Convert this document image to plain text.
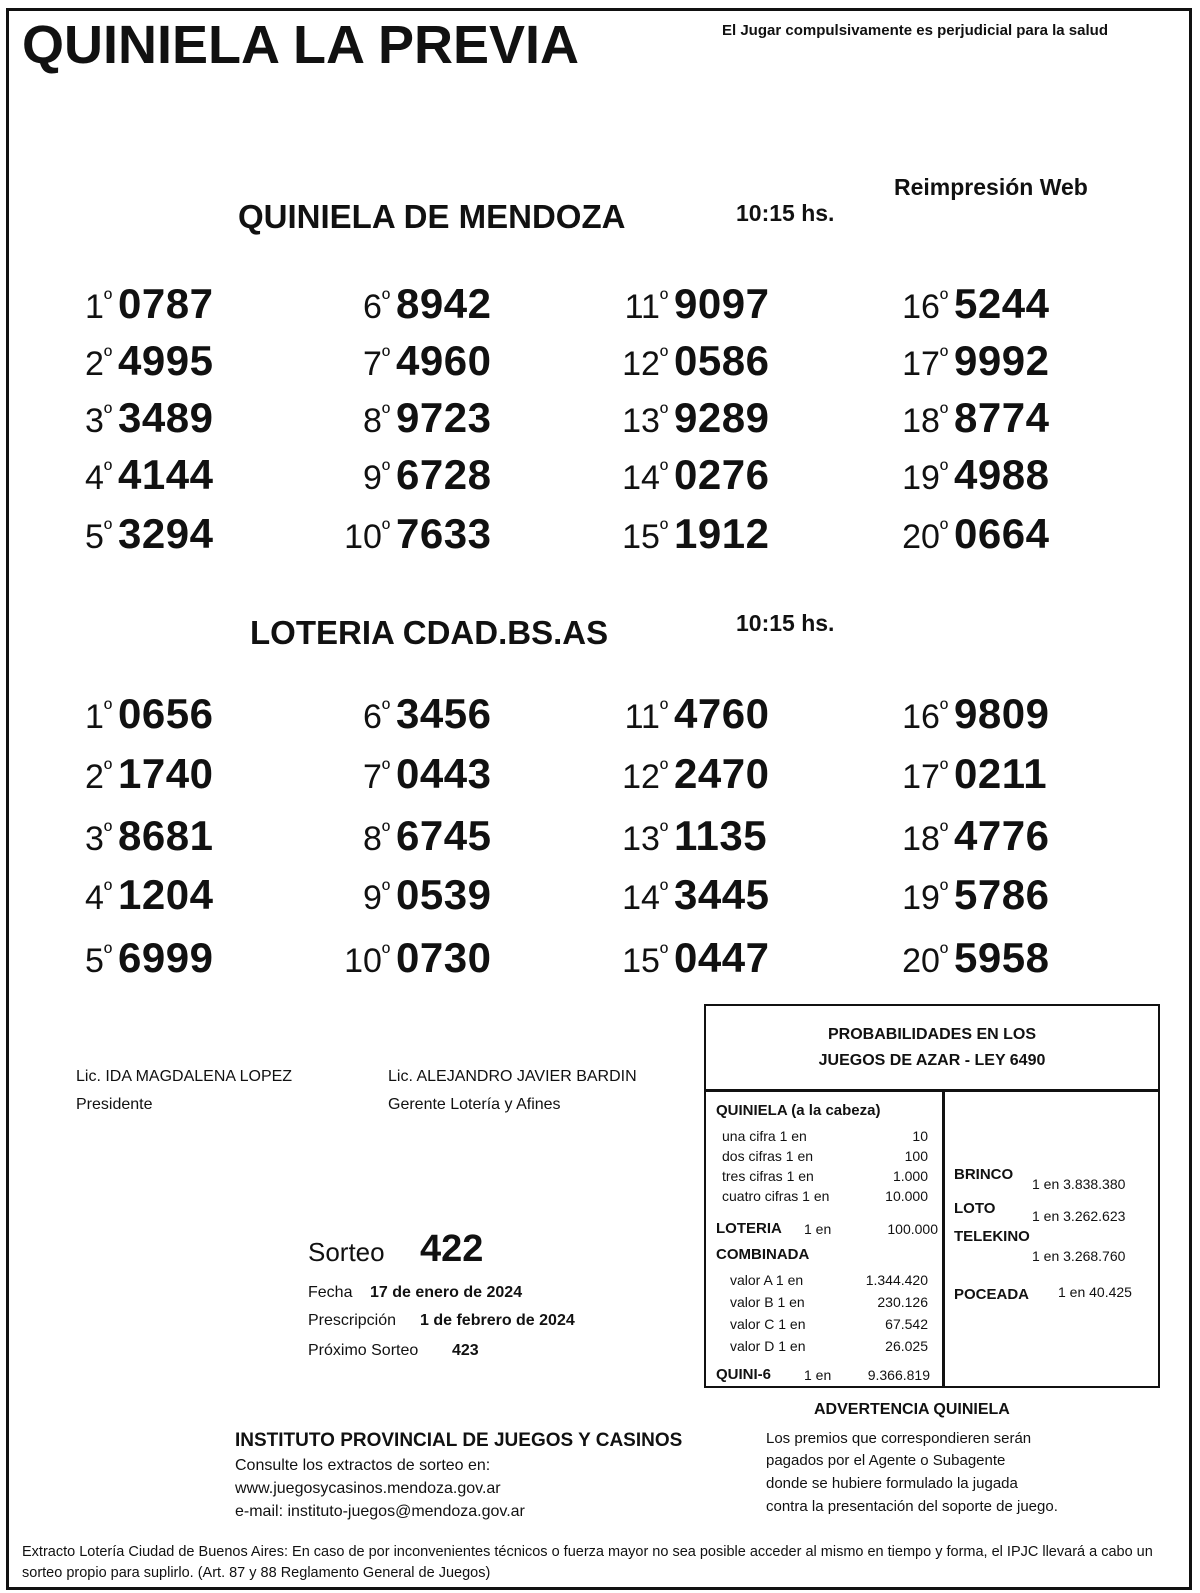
QUINIELA LA PREVIA	El Jugar compulsivamente es perjudicial para la salud
Reimpresión Web
QUINIELA DE MENDOZA	10:15 hs.
$1^º$ 0787
$2^º$ 4995
$3^º$ 3489
$4^º$ 4144
$5^º$ 3294
$6^º$ 8942
$7^º$ 4960
$8^º$ 9723
$9^º$ 6728
$10^º$ 7633
$11^º$ 9097
$12^º$ 0586
$13^º$ 9289
$14^º$ 0276
$15^º$ 1912
$16^º$ 5244
$17^º$ 9992
$18^º$ 8774
$19^º$ 4988
$20^º$ 0664
LOTERIA CDAD.BS.AS	10:15 hs.
$1^º$ 0656
$2^º$ 1740
$3^º$ 8681
$4^º$ 1204
$5^º$ 6999
$6^º$ 3456
$7^º$ 0443
$8^º$ 6745
$9^º$ 0539
$10^º$ 0730
$11^º$ 4760
$12^º$ 2470
$13^º$ 1135
$14^º$ 3445
$15^º$ 0447
$16^º$ 9809
$17^º$ 0211
$18^º$ 4776
$19^º$ 5786
$20^º$ 5958
Lic. IDA MAGDALENA LOPEZ
Presidente
Lic. ALEJANDRO JAVIER BARDIN
Gerente Lotería y Afines
Sorteo 422
Fecha 17 de enero de 2024
Prescripción 1 de febrero de 2024
Próximo Sorteo 423
PROBABILIDADES EN LOS
JUEGOS DE AZAR - LEY 6490
QUINIELA (a la cabeza)
una cifra 1 en	10
dos cifras 1 en	100
tres cifras 1 en	1.000
cuatro cifras 1 en	10.000
LOTERIA 1 en	100.000
COMBINADA
valor A 1 en	1.344.420
valor B 1 en	230.126
valor C 1 en	67.542
valor D 1 en	26.025
QUINI-6 1 en	9.366.819
BRINCO
1 en 3.838.380
LOTO	1 en 3.262.623
TELEKINO
1 en 3.268.760
POCEADA 1 en 40.425
ADVERTENCIA QUINIELA
Los premios que correspondieren serán
pagados por el Agente o Subagente
donde se hubiere formulado la jugada
contra la presentación del soporte de juego.
INSTITUTO PROVINCIAL DE JUEGOS Y CASINOS
Consulte los extractos de sorteo en:
www.juegosycasinos.mendoza.gov.ar
e-mail: instituto-juegos@mendoza.gov.ar
Extracto Lotería Ciudad de Buenos Aires: En caso de por inconvenientes técnicos o fuerza mayor no sea posible acceder al mismo en tiempo y forma, el IPJC llevará a cabo un sorteo propio para suplirlo. (Art. 87 y 88 Reglamento General de Juegos)
